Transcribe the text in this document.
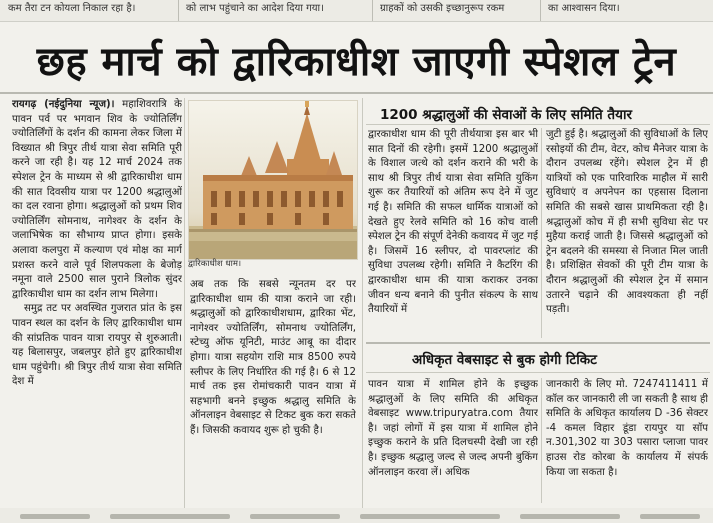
कम तैरा टन कोयला निकाल रहा है।	को लाभ पहुंचाने का आदेश दिया गया।	ग्राहकों को उसकी इच्छानुरूप रकम	का आश्वासन दिया।
छह मार्च को द्वारिकाधीश जाएगी स्पेशल ट्रेन
रायगढ़ (नईदुनिया न्यूज)। महाशिवरात्रि के पावन पर्व पर भगवान शिव के ज्योतिर्लिंग ज्योतिर्लिंगों के दर्शन की कामना लेकर जिला में विख्यात श्री त्रिपुर तीर्थ यात्रा सेवा समिति पूरी करने जा रही है। यह 12 मार्च 2024 तक स्पेशल ट्रेन के माध्यम से श्री द्वारिकाधीश धाम की सात दिवसीय यात्रा पर 1200 श्रद्धालुओं का दल रवाना होगा। श्रद्धालुओं को प्रथम शिव ज्योतिर्लिंग सोमनाथ, नागेश्वर के दर्शन के जलाभिषेक का सौभाग्य प्राप्त होगा। इसके अलावा कलपुरा में कल्याण एवं मोक्ष का मार्ग प्रशस्त करने वाले पूर्व शिलपकला के बेजोड़ नमूना वाले 2500 साल पुराने त्रिलोक सुंदर द्वारिकाधीश धाम का दर्शन लाभ मिलेगा।

समुद्र तट पर अवस्थित गुजरात प्रांत के इस पावन स्थल का दर्शन के लिए द्वारिकाधीश धाम की सांप्रतिक पावन यात्रा रायपुर से शुरुआती। यह बिलासपुर, जबलपुर होते हुए द्वारिकाधीश धाम पहुंचेगी। श्री त्रिपुर तीर्थ यात्रा सेवा समिति देश में

द्वारिकाधीश धाम।
अब तक कि सबसे न्यूनतम दर पर द्वारिकाधीश धाम की यात्रा कराने जा रही। श्रद्धालुओं को द्वारिकाधीशधाम, द्वारिका भेंट, नागेश्वर ज्योतिर्लिंग, सोमनाथ ज्योतिर्लिंग, स्टेच्यु ऑफ यूनिटी, माउंट आबू का दीदार होगा। यात्रा सहयोग राशि मात्र 8500 रुपये स्लीपर के लिए निर्धारित की गई है। 6 से 12 मार्च तक इस रोमांचकारी पावन यात्रा में सहभागी बनने इच्छुक श्रद्धालु समिति के ऑनलाइन वेबसाइट से टिकट बुक करा सकते हैं। जिसकी कवायद शुरू हो चुकी है।
1200 श्रद्धालुओं की सेवाओं के लिए समिति तैयार
द्वारकाधीश धाम की पूरी तीर्थयात्रा इस बार भी सात दिनों की रहेगी। इसमें 1200 श्रद्धालुओं के विशाल जत्थे को दर्शन कराने की भरी के साथ श्री त्रिपुर तीर्थ यात्रा सेवा समिति युकिंग शुरू कर तैयारियों को अंतिम रूप देने में जुट गई है। समिति की सफल धार्मिक यात्राओं को देखते हुए रेलवे समिति को 16 कोच वाली स्पेशल ट्रेन की संपूर्ण देनेकी कवायद में जुट गई है। जिसमें 16 स्लीपर, दो पावरप्लांट की सुविधा उपलब्ध रहेगी। समिति ने कैटरिंग की द्वारकाधीश धाम की यात्रा कराकर उनका जीवन धन्य बनाने की पुनीत संकल्प के साथ तैयारियों में
जुटी हुई है। श्रद्धालुओं की सुविधाओं के लिए रसोइयों की टीम, वेटर, कोच मैनेजर यात्रा के दौरान उपलब्ध रहेंगे। स्पेशल ट्रेन में ही यात्रियों को एक पारिवारिक माहौल में सारी सुविधाएं व अपनेपन का एहसास दिलाना समिति की सबसे खास प्राथमिकता रही है। श्रद्धालुओं कोच में ही सभी सुविधा सेट पर मुहैया कराई जाती है। जिससे श्रद्धालुओं को ट्रेन बदलने की समस्या से निजात मिल जाती है। प्रशिक्षित सेवकों की पूरी टीम यात्रा के दौरान श्रद्धालुओं की स्पेशल ट्रेन में समान उतारने चढ़ाने की आवश्यकता ही नहीं पड़ती।
अधिकृत वेबसाइट से बुक होगी टिकिट
पावन यात्रा में शामिल होने के इच्छुक श्रद्धालुओं के लिए समिति की अधिकृत वेबसाइट www.tripuryatra.com तैयार है। जहां लोगों में इस यात्रा में शामिल होने इच्छुक कराने के प्रति दिलचस्पी देखी जा रही है। इच्छुक श्रद्धालु जल्द से जल्द अपनी बुकिंग ऑनलाइन करवा लें। अधिक
जानकारी के लिए मो. 7247411411 में कॉल कर जानकारी ली जा सकती है साथ ही समिति के अधिकृत कार्यालय D -36 सेक्टर -4 कमल विहार डूंडा रायपुर या सॉप न.301,302 या 303 पसारा प्लाजा पावर हाउस रोड कोरबा के कार्यालय में संपर्क किया जा सकता है।
